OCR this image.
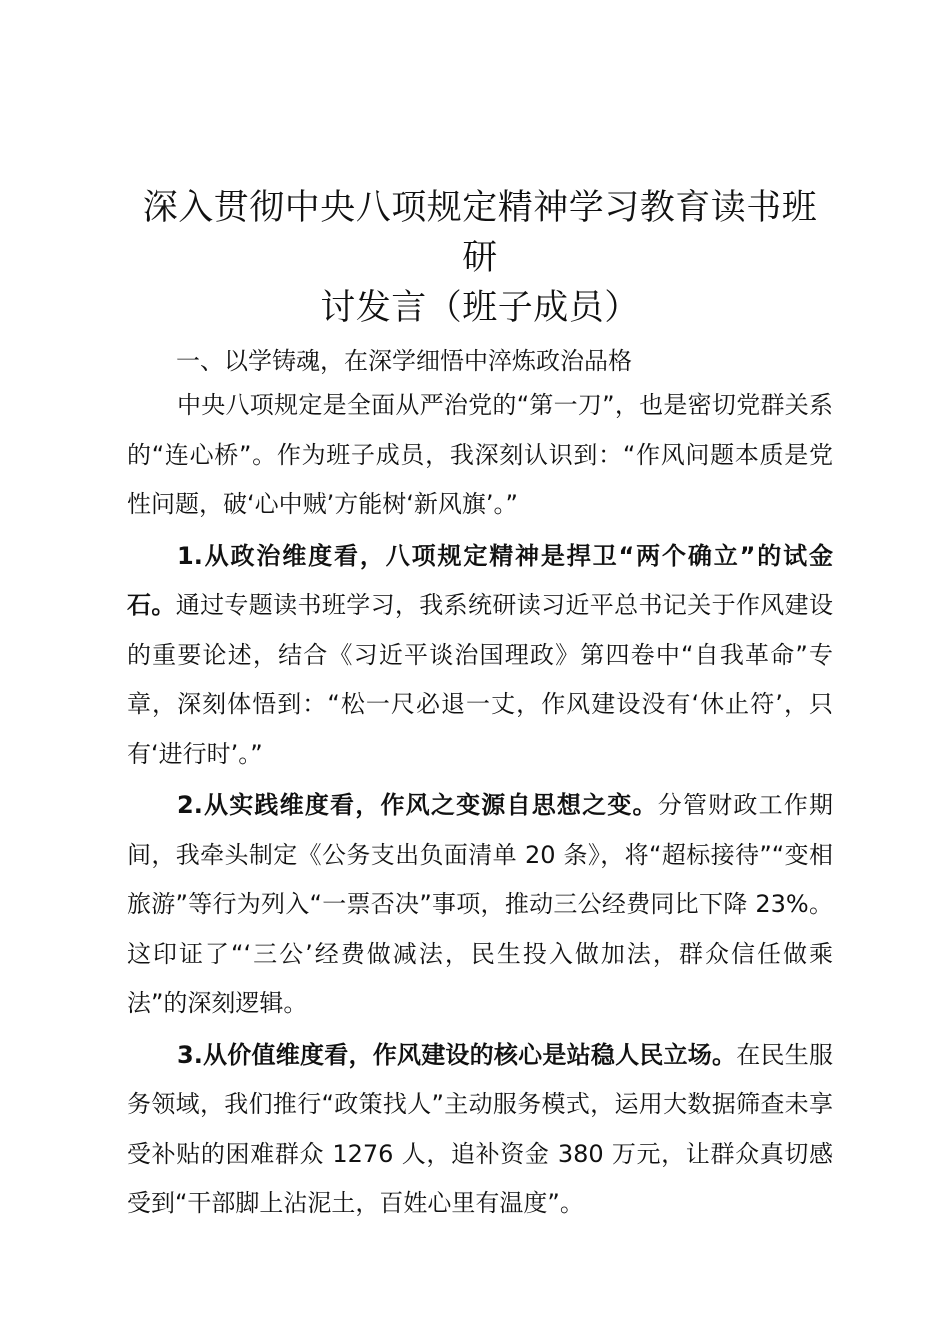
深入贯彻中央八项规定精神学习教育读书班研
讨发言（班子成员）

一、以学铸魂，在深学细悟中淬炼政治品格

中央八项规定是全面从严治党的“第一刀”，也是密切党群关系的“连心桥”。作为班子成员，我深刻认识到：“作风问题本质是党性问题，破‘心中贼’方能树‘新风旗’。”

1.从政治维度看，八项规定精神是捍卫“两个确立”的试金石。通过专题读书班学习，我系统研读习近平总书记关于作风建设的重要论述，结合《习近平谈治国理政》第四卷中“自我革命”专章，深刻体悟到：“松一尺必退一丈，作风建设没有‘休止符’，只有‘进行时’。”

2.从实践维度看，作风之变源自思想之变。分管财政工作期间，我牵头制定《公务支出负面清单 20 条》，将“超标接待”“变相旅游”等行为列入“一票否决”事项，推动三公经费同比下降 23%。这印证了“‘三公’经费做减法，民生投入做加法，群众信任做乘法”的深刻逻辑。

3.从价值维度看，作风建设的核心是站稳人民立场。在民生服务领域，我们推行“政策找人”主动服务模式，运用大数据筛查未享受补贴的困难群众 1276 人，追补资金 380 万元，让群众真切感受到“干部脚上沾泥土，百姓心里有温度”。
